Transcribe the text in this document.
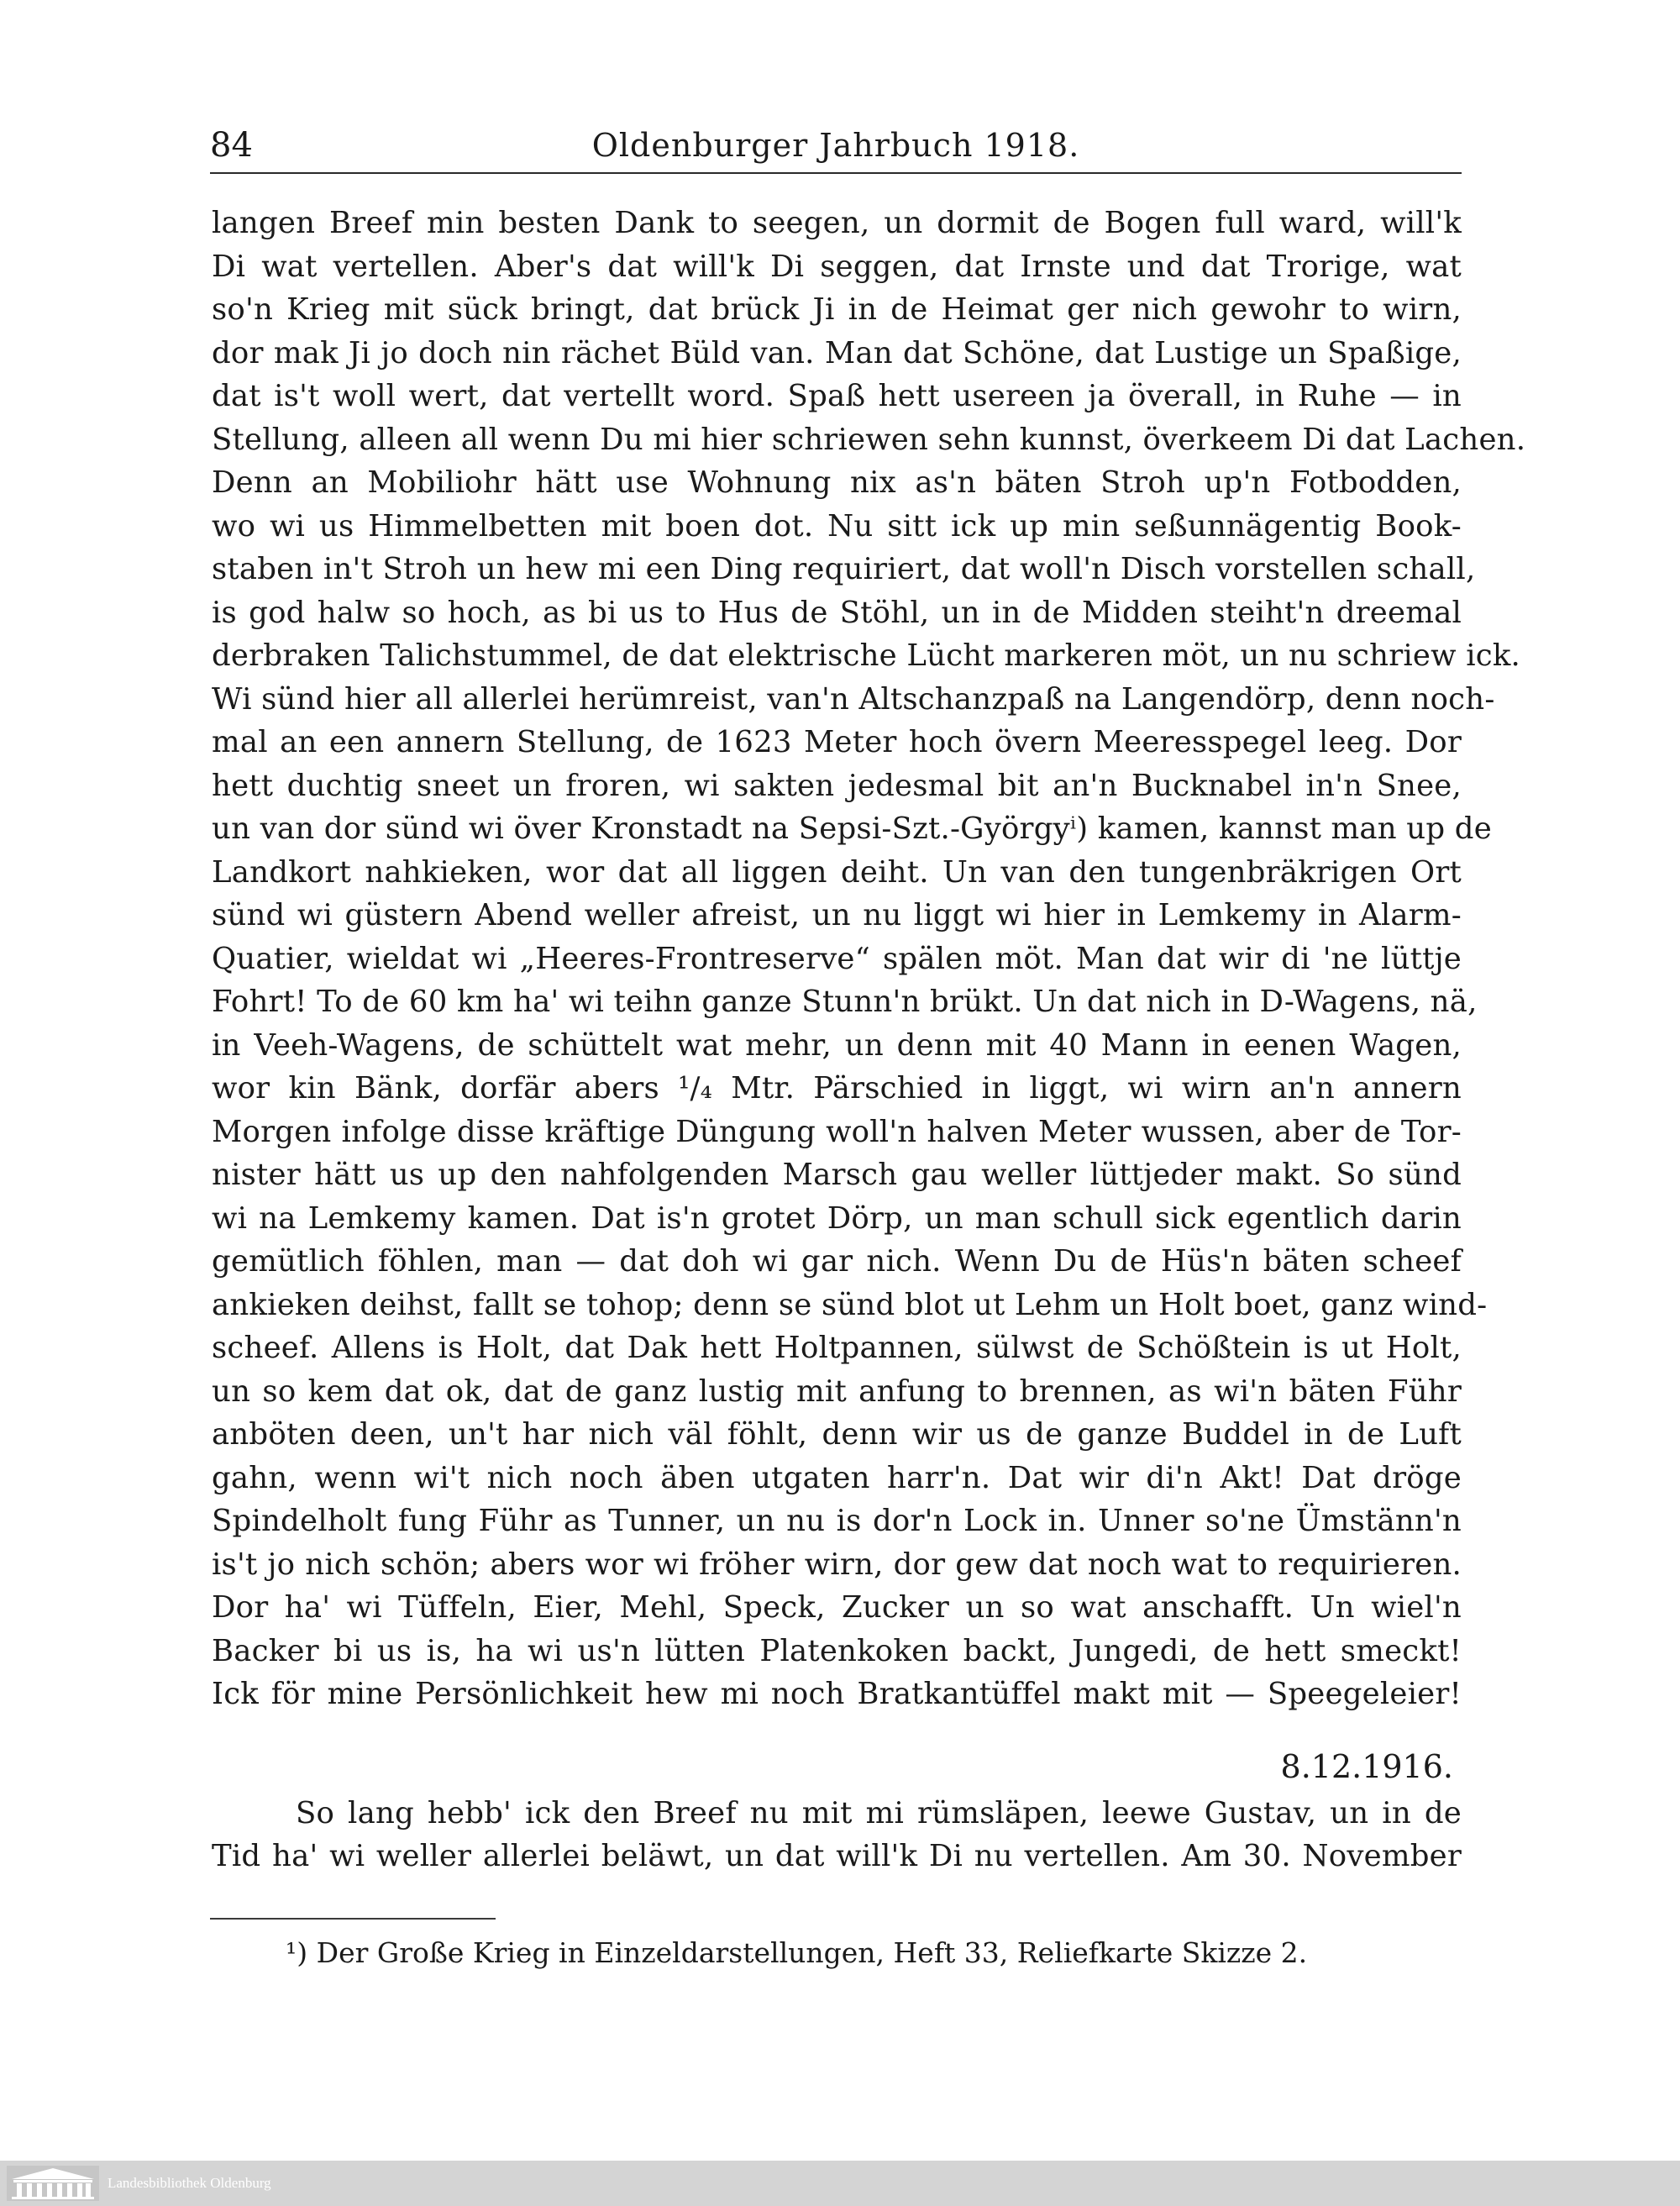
84	Oldenburger Jahrbuch 1918.
langen Breef min besten Dank to seegen, un dormit de Bogen full ward, will'k
Di wat vertellen. Aber's dat will'k Di seggen, dat Irnste und dat Trorige, wat
so'n Krieg mit sück bringt, dat brück Ji in de Heimat ger nich gewohr to wirn,
dor mak Ji jo doch nin rächet Büld van. Man dat Schöne, dat Lustige un Spaßige,
dat is't woll wert, dat vertellt word. Spaß hett usereen ja överall, in Ruhe — in
Stellung, alleen all wenn Du mi hier schriewen sehn kunnst, överkeem Di dat Lachen.
Denn an Mobiliohr hätt use Wohnung nix as'n bäten Stroh up'n Fotbodden,
wo wi us Himmelbetten mit boen dot. Nu sitt ick up min seßunnägentig Book-
staben in't Stroh un hew mi een Ding requiriert, dat woll'n Disch vorstellen schall,
is god halw so hoch, as bi us to Hus de Stöhl, un in de Midden steiht'n dreemal
derbraken Talichstummel, de dat elektrische Lücht markeren möt, un nu schriew ick.
Wi sünd hier all allerlei herümreist, van'n Altschanzpaß na Langendörp, denn noch-
mal an een annern Stellung, de 1623 Meter hoch övern Meeresspegel leeg. Dor
hett duchtig sneet un froren, wi sakten jedesmal bit an'n Bucknabel in'n Snee,
un van dor sünd wi över Kronstadt na Sepsi-Szt.-Györgyⁱ) kamen, kannst man up de
Landkort nahkieken, wor dat all liggen deiht. Un van den tungenbräkrigen Ort
sünd wi güstern Abend weller afreist, un nu liggt wi hier in Lemkemy in Alarm-
Quatier, wieldat wi „Heeres-Frontreserve“ spälen möt. Man dat wir di 'ne lüttje
Fohrt! To de 60 km ha' wi teihn ganze Stunn'n brükt. Un dat nich in D-Wagens, nä,
in Veeh-Wagens, de schüttelt wat mehr, un denn mit 40 Mann in eenen Wagen,
wor kin Bänk, dorfär abers ¹/₄ Mtr. Pärschied in liggt, wi wirn an'n annern
Morgen infolge disse kräftige Düngung woll'n halven Meter wussen, aber de Tor-
nister hätt us up den nahfolgenden Marsch gau weller lüttjeder makt. So sünd
wi na Lemkemy kamen. Dat is'n grotet Dörp, un man schull sick egentlich darin
gemütlich föhlen, man — dat doh wi gar nich. Wenn Du de Hüs'n bäten scheef
ankieken deihst, fallt se tohop; denn se sünd blot ut Lehm un Holt boet, ganz wind-
scheef. Allens is Holt, dat Dak hett Holtpannen, sülwst de Schößtein is ut Holt,
un so kem dat ok, dat de ganz lustig mit anfung to brennen, as wi'n bäten Führ
anböten deen, un't har nich väl föhlt, denn wir us de ganze Buddel in de Luft
gahn, wenn wi't nich noch äben utgaten harr'n. Dat wir di'n Akt! Dat dröge
Spindelholt fung Führ as Tunner, un nu is dor'n Lock in. Unner so'ne Ümstänn'n
is't jo nich schön; abers wor wi fröher wirn, dor gew dat noch wat to requirieren.
Dor ha' wi Tüffeln, Eier, Mehl, Speck, Zucker un so wat anschafft. Un wiel'n
Backer bi us is, ha wi us'n lütten Platenkoken backt, Jungedi, de hett smeckt!
Ick för mine Persönlichkeit hew mi noch Bratkantüffel makt mit — Speegeleier!
8.12.1916.
So lang hebb' ick den Breef nu mit mi rümsläpen, leewe Gustav, un in de
Tid ha' wi weller allerlei beläwt, un dat will'k Di nu vertellen. Am 30. November
¹) Der Große Krieg in Einzeldarstellungen, Heft 33, Reliefkarte Skizze 2.
Landesbibliothek Oldenburg
